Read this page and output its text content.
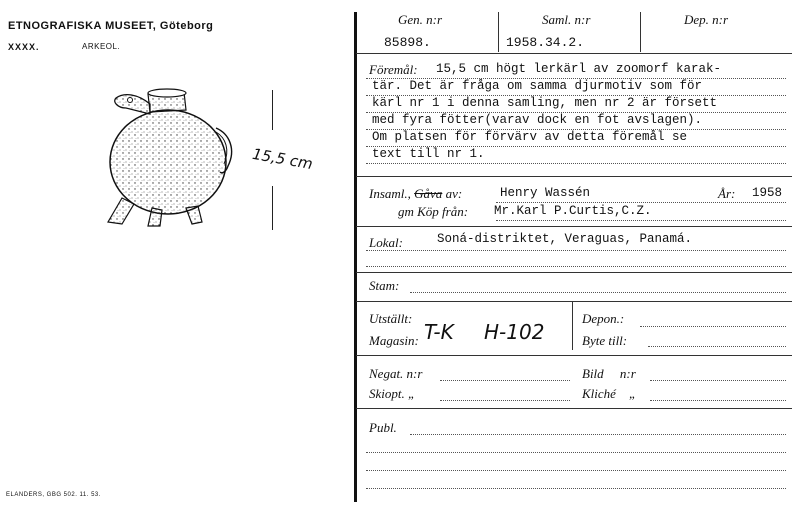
ETNOGRAFISKA MUSEET, Göteborg
XXXX.	ARKEOL.
15,5 cm
ELANDERS, GBG 502. 11. 53.
Gen. n:r	Saml. n:r	Dep. n:r
85898.	1958.34.2.
Föremål: 15,5 cm högt lerkärl av zoomorf karak-
tär. Det är fråga om samma djurmotiv som för
kärl nr 1 i denna samling, men nr 2 är försett
med fyra fötter(varav dock en fot avslagen).
Om platsen för förvärv av detta föremål se
text till nr 1.
Insaml., Gåva av:	Henry Wassén	År: 1958
gm Köp från: Mr.Karl P.Curtis,C.Z.
Lokal:	Soná-distriktet, Veraguas, Panamá.
Stam:
Utställt:
T-K
Magasin:	H-102
Depon.:
Byte till:
Negat. n:r	Bild n:r
Skiopt. „	Kliché „
Publ.
